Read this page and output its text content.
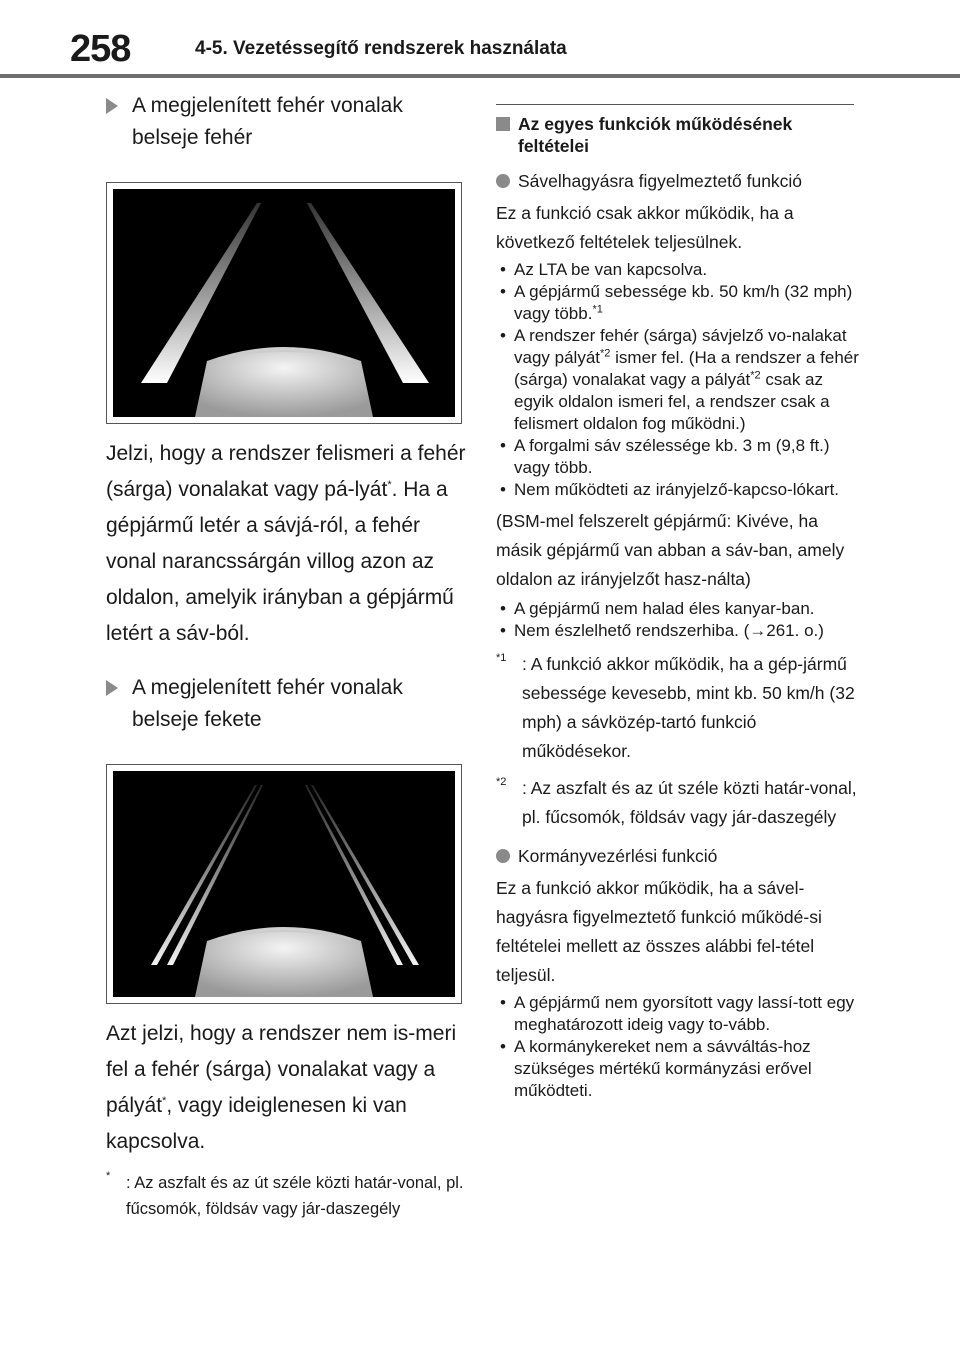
258	4-5. Vezetéssegítő rendszerek használata

A megjelenített fehér vonalak belseje fehér

Jelzi, hogy a rendszer felismeri a fehér (sárga) vonalakat vagy pá-lyát*. Ha a gépjármű letér a sávjá-ról, a fehér vonal narancssárgán villog azon az oldalon, amelyik irányban a gépjármű letért a sáv-ból.

A megjelenített fehér vonalak belseje fekete

Azt jelzi, hogy a rendszer nem is-meri fel a fehér (sárga) vonalakat vagy a pályát*, vagy ideiglenesen ki van kapcsolva.

* : Az aszfalt és az út széle közti határ-vonal, pl. fűcsomók, földsáv vagy jár-daszegély

Az egyes funkciók működésének feltételei

Sávelhagyásra figyelmeztető funkció

Ez a funkció csak akkor működik, ha a következő feltételek teljesülnek.

• Az LTA be van kapcsolva.
• A gépjármű sebessége kb. 50 km/h (32 mph) vagy több.$^{*1}$
• A rendszer fehér (sárga) sávjelző vo-nalakat vagy pályát$^{*2}$ ismer fel. (Ha a rendszer a fehér (sárga) vonalakat vagy a pályát$^{*2}$ csak az egyik oldalon ismeri fel, a rendszer csak a felismert oldalon fog működni.)
• A forgalmi sáv szélessége kb. 3 m (9,8 ft.) vagy több.
• Nem működteti az irányjelző-kapcso-lókart.

(BSM-mel felszerelt gépjármű: Kivéve, ha másik gépjármű van abban a sáv-ban, amely oldalon az irányjelzőt hasz-nálta)

• A gépjármű nem halad éles kanyar-ban.
• Nem észlelhető rendszerhiba. (→261. o.)

*1 : A funkció akkor működik, ha a gép-jármű sebessége kevesebb, mint kb. 50 km/h (32 mph) a sávközép-tartó funkció működésekor.

*2 : Az aszfalt és az út széle közti határ-vonal, pl. fűcsomók, földsáv vagy jár-daszegély

Kormányvezérlési funkció

Ez a funkció akkor működik, ha a sável-hagyásra figyelmeztető funkció működé-si feltételei mellett az összes alábbi fel-tétel teljesül.

• A gépjármű nem gyorsított vagy lassí-tott egy meghatározott ideig vagy to-vább.
• A kormánykereket nem a sávváltás-hoz szükséges mértékű kormányzási erővel működteti.
